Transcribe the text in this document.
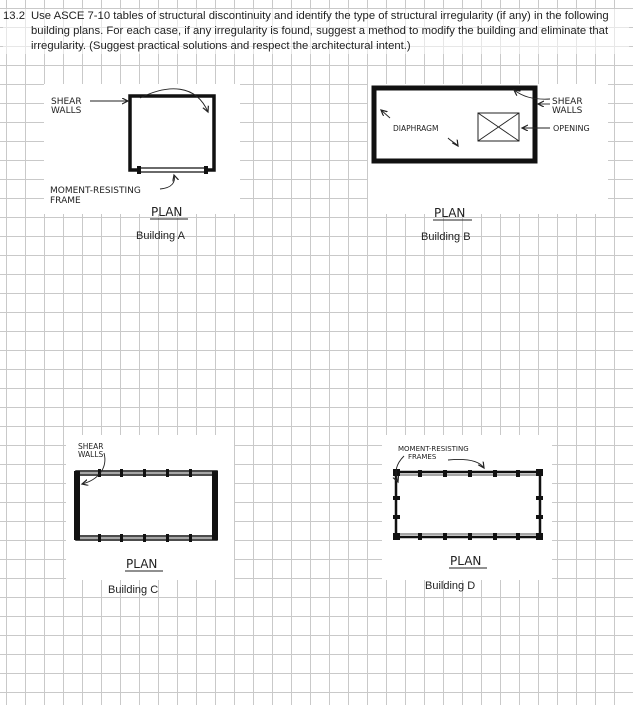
13.2 Use ASCE 7-10 tables of structural discontinuity and identify the type of structural irregularity (if any) in the following
building plans. For each case, if any irregularity is found, suggest a method to modify the building and eliminate that
irregularity. (Suggest practical solutions and respect the architectural intent.)
SHEAR
WALLS
MOMENT-RESISTING
FRAME
PLAN
DIAPHRAGM
SHEAR
WALLS
OPENING
PLAN
SHEAR
WALLS
PLAN
MOMENT-RESISTING
FRAMES
PLAN
Building A	Building B
Building C	Building D
